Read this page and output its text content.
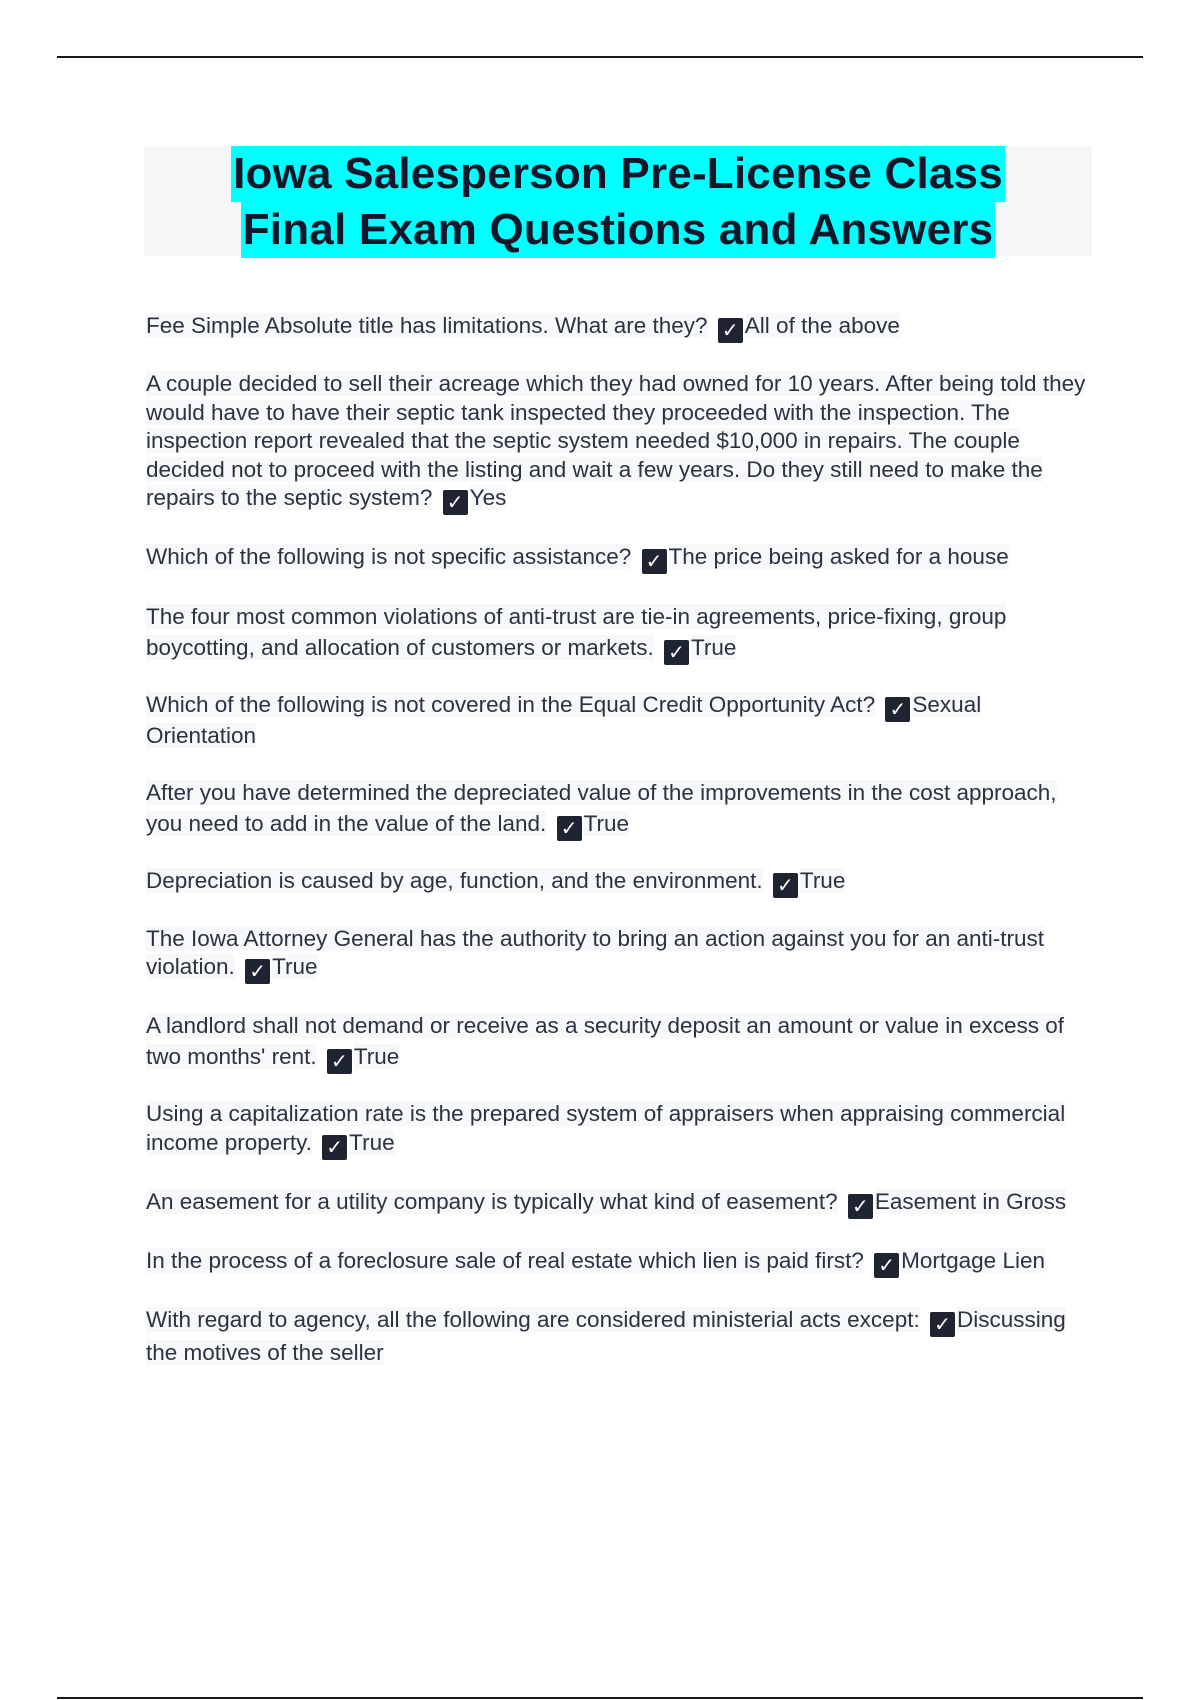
Iowa Salesperson Pre-License Class
Final Exam Questions and Answers

Fee Simple Absolute title has limitations. What are they? ✓ All of the above

A couple decided to sell their acreage which they had owned for 10 years. After being told they would have to have their septic tank inspected they proceeded with the inspection. The inspection report revealed that the septic system needed $10,000 in repairs. The couple decided not to proceed with the listing and wait a few years. Do they still need to make the repairs to the septic system? ✓ Yes

Which of the following is not specific assistance? ✓ The price being asked for a house

The four most common violations of anti-trust are tie-in agreements, price-fixing, group boycotting, and allocation of customers or markets. ✓ True

Which of the following is not covered in the Equal Credit Opportunity Act? ✓ Sexual Orientation

After you have determined the depreciated value of the improvements in the cost approach, you need to add in the value of the land. ✓ True

Depreciation is caused by age, function, and the environment. ✓ True

The Iowa Attorney General has the authority to bring an action against you for an anti-trust violation. ✓ True

A landlord shall not demand or receive as a security deposit an amount or value in excess of two months' rent. ✓ True

Using a capitalization rate is the prepared system of appraisers when appraising commercial income property. ✓ True

An easement for a utility company is typically what kind of easement? ✓ Easement in Gross

In the process of a foreclosure sale of real estate which lien is paid first? ✓ Mortgage Lien

With regard to agency, all the following are considered ministerial acts except: ✓ Discussing the motives of the seller
